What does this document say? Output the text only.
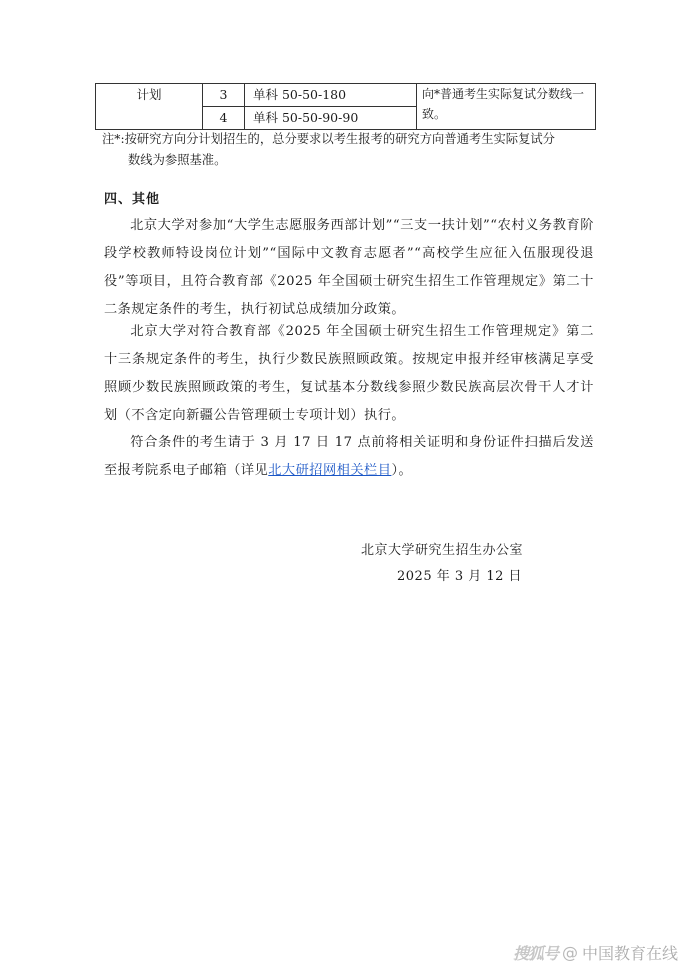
计划	3	单科 50-50-180	向*普通考生实际复试分数线一致。
	4	单科 50-50-90-90	
注*:按研究方向分计划招生的，总分要求以考生报考的研究方向普通考生实际复试分
数线为参照基准。
四、其他
北京大学对参加“大学生志愿服务西部计划”“三支一扶计划”“农村义务教育阶段学校教师特设岗位计划”“国际中文教育志愿者”“高校学生应征入伍服现役退役”等项目，且符合教育部《2025 年全国硕士研究生招生工作管理规定》第二十二条规定条件的考生，执行初试总成绩加分政策。
北京大学对符合教育部《2025 年全国硕士研究生招生工作管理规定》第二十三条规定条件的考生，执行少数民族照顾政策。按规定申报并经审核满足享受照顾少数民族照顾政策的考生，复试基本分数线参照少数民族高层次骨干人才计划（不含定向新疆公告管理硕士专项计划）执行。
符合条件的考生请于 3 月 17 日 17 点前将相关证明和身份证件扫描后发送至报考院系电子邮箱（详见北大研招网相关栏目）。
北京大学研究生招生办公室
2025 年 3 月 12 日
搜狐号 @ 中国教育在线
